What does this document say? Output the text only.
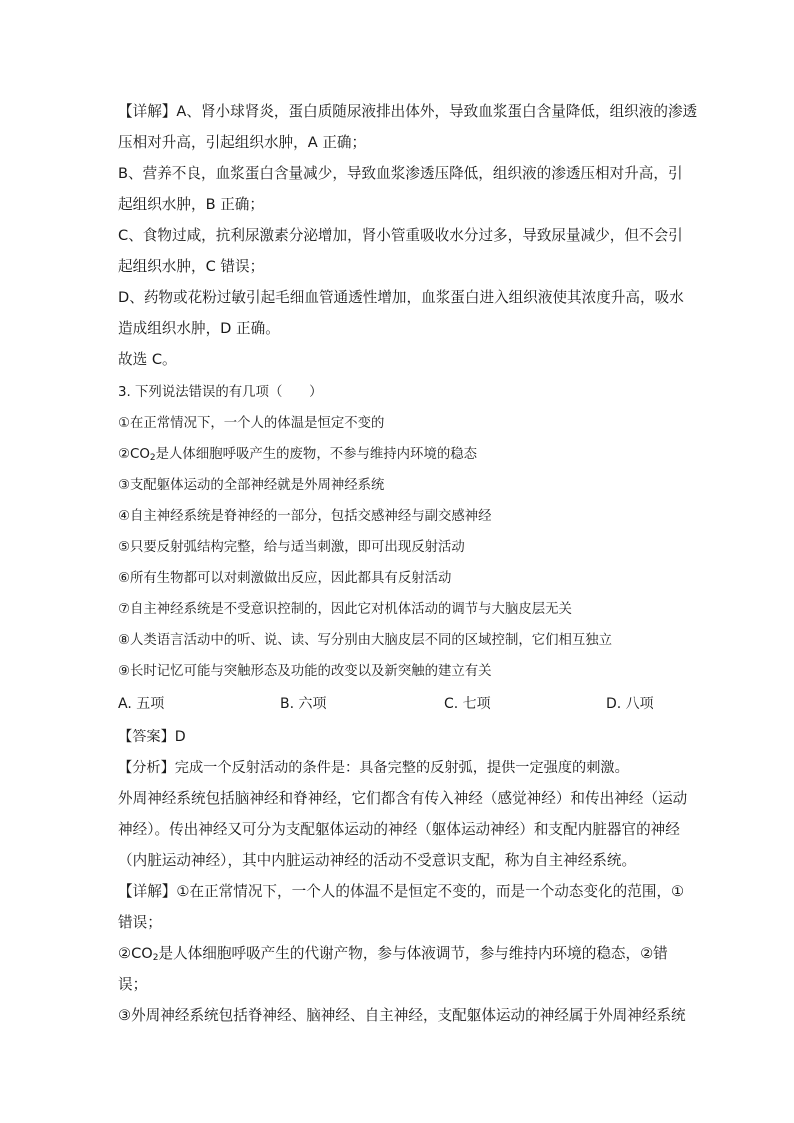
【详解】A、肾小球肾炎，蛋白质随尿液排出体外，导致血浆蛋白含量降低，组织液的渗透
压相对升高，引起组织水肿，A 正确；
B、营养不良，血浆蛋白含量减少，导致血浆渗透压降低，组织液的渗透压相对升高，引
起组织水肿，B 正确；
C、食物过咸，抗利尿激素分泌增加，肾小管重吸收水分过多，导致尿量减少，但不会引
起组织水肿，C 错误；
D、药物或花粉过敏引起毛细血管通透性增加，血浆蛋白进入组织液使其浓度升高，吸水
造成组织水肿，D 正确。
故选 C。
3. 下列说法错误的有几项（　　）
①在正常情况下，一个人的体温是恒定不变的
$②CO_2$是人体细胞呼吸产生的废物，不参与维持内环境的稳态
③支配躯体运动的全部神经就是外周神经系统
④自主神经系统是脊神经的一部分，包括交感神经与副交感神经
⑤只要反射弧结构完整，给与适当刺激，即可出现反射活动
⑥所有生物都可以对刺激做出反应，因此都具有反射活动
⑦自主神经系统是不受意识控制的，因此它对机体活动的调节与大脑皮层无关
⑧人类语言活动中的听、说、读、写分别由大脑皮层不同的区域控制，它们相互独立
⑨长时记忆可能与突触形态及功能的改变以及新突触的建立有关
A. 五项	B. 六项	C. 七项	D. 八项
【答案】D
【分析】完成一个反射活动的条件是：具备完整的反射弧，提供一定强度的刺激。
外周神经系统包括脑神经和脊神经，它们都含有传入神经（感觉神经）和传出神经（运动
神经）。传出神经又可分为支配躯体运动的神经（躯体运动神经）和支配内脏器官的神经
（内脏运动神经），其中内脏运动神经的活动不受意识支配，称为自主神经系统。
【详解】①在正常情况下，一个人的体温不是恒定不变的，而是一个动态变化的范围，①
错误；
$②CO_2$是人体细胞呼吸产生的代谢产物，参与体液调节，参与维持内环境的稳态，②错
误；
③外周神经系统包括脊神经、脑神经、自主神经，支配躯体运动的神经属于外周神经系统
